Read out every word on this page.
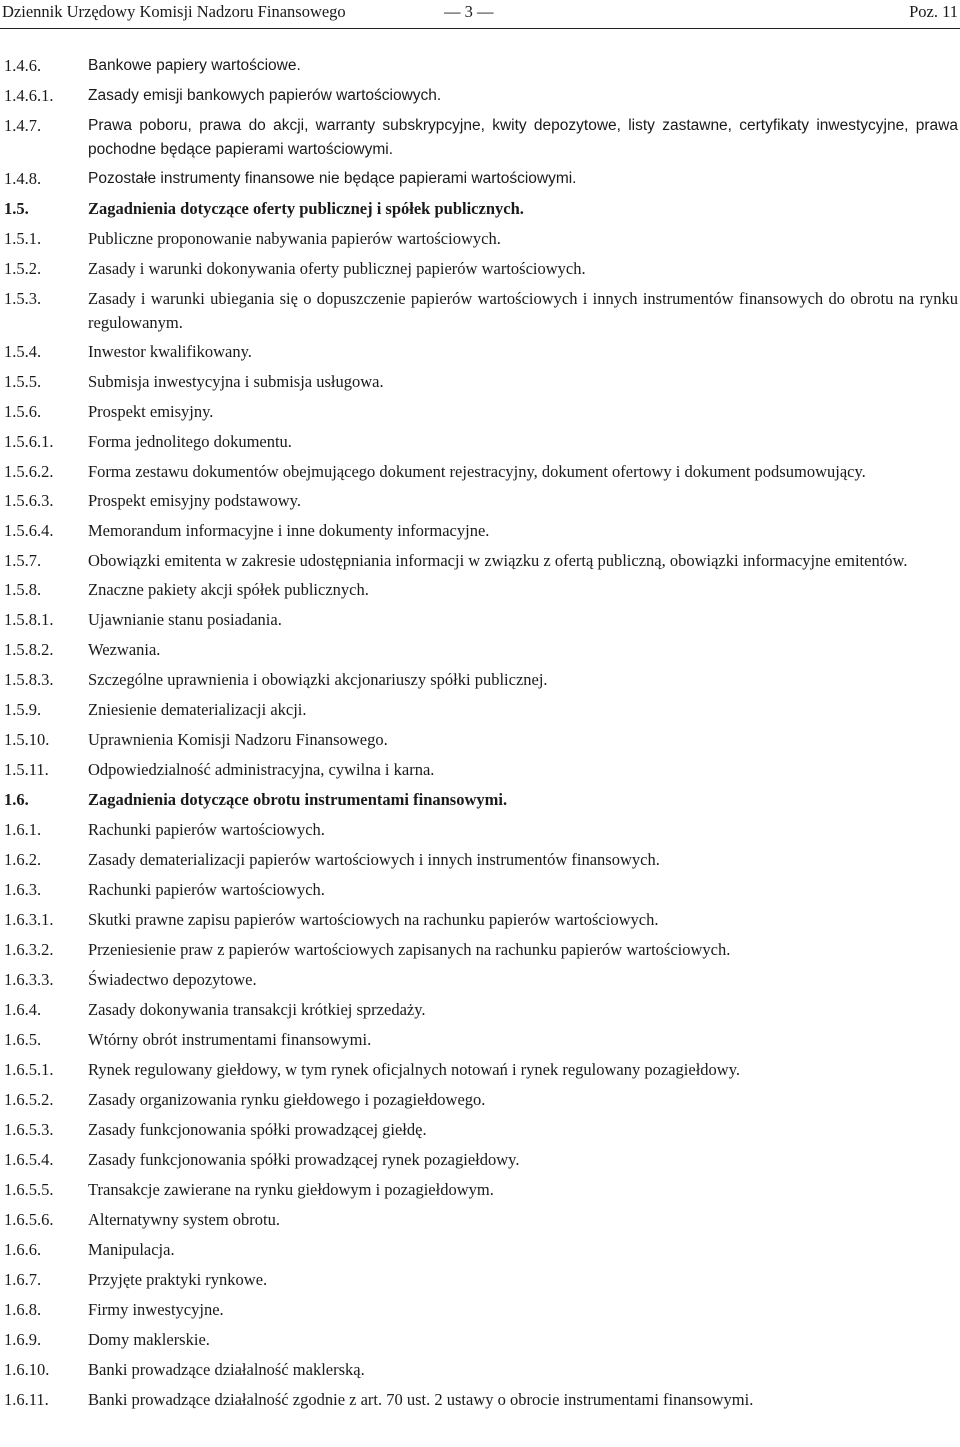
Dziennik Urzędowy Komisji Nadzoru Finansowego	— 3 —	Poz. 11
1.4.6.	Bankowe papiery wartościowe.
1.4.6.1.	Zasady emisji bankowych papierów wartościowych.
1.4.7.	Prawa poboru, prawa do akcji, warranty subskrypcyjne, kwity depozytowe, listy zastawne, certyfikaty inwestycyjne, prawa pochodne będące papierami wartościowymi.
1.4.8.	Pozostałe instrumenty finansowe nie będące papierami wartościowymi.
1.5.	Zagadnienia dotyczące oferty publicznej i spółek publicznych.
1.5.1.	Publiczne proponowanie nabywania papierów wartościowych.
1.5.2.	Zasady i warunki dokonywania oferty publicznej papierów wartościowych.
1.5.3.	Zasady i warunki ubiegania się o dopuszczenie papierów wartościowych i innych instrumentów finansowych do obrotu na rynku regulowanym.
1.5.4.	Inwestor kwalifikowany.
1.5.5.	Submisja inwestycyjna i submisja usługowa.
1.5.6.	Prospekt emisyjny.
1.5.6.1.	Forma jednolitego dokumentu.
1.5.6.2.	Forma zestawu dokumentów obejmującego dokument rejestracyjny, dokument ofertowy i dokument podsumowujący.
1.5.6.3.	Prospekt emisyjny podstawowy.
1.5.6.4.	Memorandum informacyjne i inne dokumenty informacyjne.
1.5.7.	Obowiązki emitenta w zakresie udostępniania informacji w związku z ofertą publiczną, obowiązki informacyjne emitentów.
1.5.8.	Znaczne pakiety akcji spółek publicznych.
1.5.8.1.	Ujawnianie stanu posiadania.
1.5.8.2.	Wezwania.
1.5.8.3.	Szczególne uprawnienia i obowiązki akcjonariuszy spółki publicznej.
1.5.9.	Zniesienie dematerializacji akcji.
1.5.10.	Uprawnienia Komisji Nadzoru Finansowego.
1.5.11.	Odpowiedzialność administracyjna, cywilna i karna.
1.6.	Zagadnienia dotyczące obrotu instrumentami finansowymi.
1.6.1.	Rachunki papierów wartościowych.
1.6.2.	Zasady dematerializacji papierów wartościowych i innych instrumentów finansowych.
1.6.3.	Rachunki papierów wartościowych.
1.6.3.1.	Skutki prawne zapisu papierów wartościowych na rachunku papierów wartościowych.
1.6.3.2.	Przeniesienie praw z papierów wartościowych zapisanych na rachunku papierów wartościowych.
1.6.3.3.	Świadectwo depozytowe.
1.6.4.	Zasady dokonywania transakcji krótkiej sprzedaży.
1.6.5.	Wtórny obrót instrumentami finansowymi.
1.6.5.1.	Rynek regulowany giełdowy, w tym rynek oficjalnych notowań i rynek regulowany pozagiełdowy.
1.6.5.2.	Zasady organizowania rynku giełdowego i pozagiełdowego.
1.6.5.3.	Zasady funkcjonowania spółki prowadzącej giełdę.
1.6.5.4.	Zasady funkcjonowania spółki prowadzącej rynek pozagiełdowy.
1.6.5.5.	Transakcje zawierane na rynku giełdowym i pozagiełdowym.
1.6.5.6.	Alternatywny system obrotu.
1.6.6.	Manipulacja.
1.6.7.	Przyjęte praktyki rynkowe.
1.6.8.	Firmy inwestycyjne.
1.6.9.	Domy maklerskie.
1.6.10.	Banki prowadzące działalność maklerską.
1.6.11.	Banki prowadzące działalność zgodnie z art. 70 ust. 2 ustawy o obrocie instrumentami finansowymi.
